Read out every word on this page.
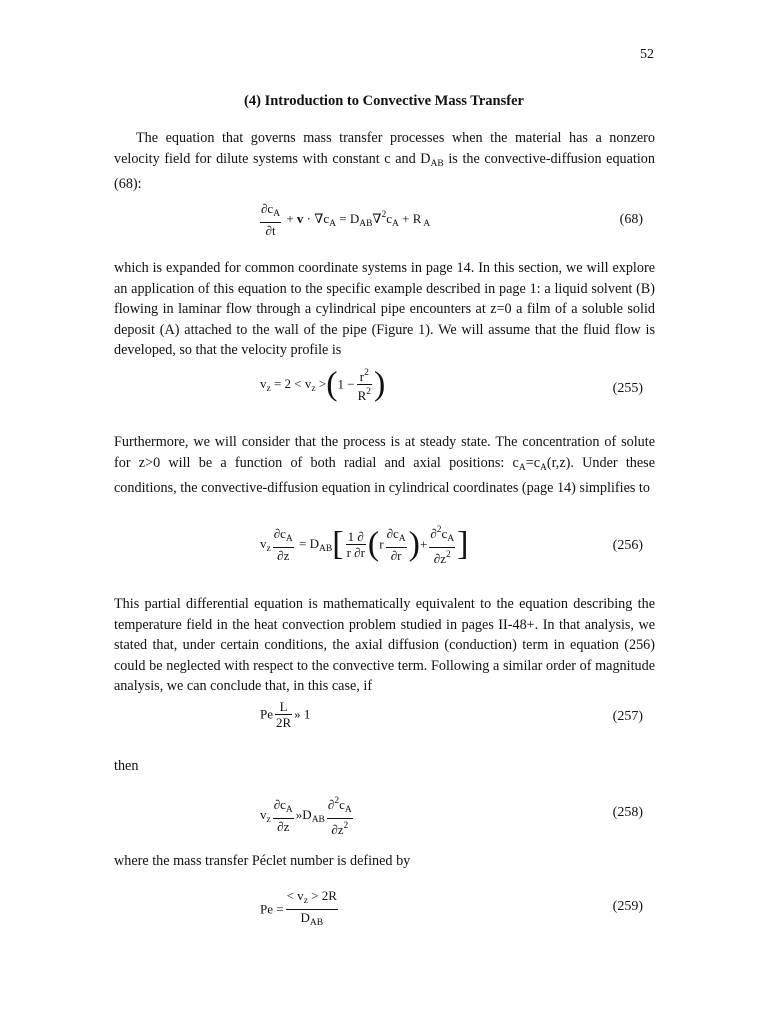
52
(4) Introduction to Convective Mass Transfer

The equation that governs mass transfer processes when the material has a nonzero velocity field for dilute systems with constant c and $D_{AB}$ is the convective-diffusion equation (68):

$\frac{\partial c_A}{\partial t} + v \cdot \nabla c_A = D_{AB}\nabla^2c_A + R$ $_A$	(68)

which is expanded for common coordinate systems in page 14. In this section, we will explore an application of this equation to the specific example described in page 1: a liquid solvent (B) flowing in laminar flow through a cylindrical pipe encounters at z=0 a film of a soluble solid deposit (A) attached to the wall of the pipe (Figure 1). We will assume that the fluid flow is developed, so that the velocity profile is

$v_z = 2 < v_z >(1 - \frac{r^2}{R^2}$ )	(255)

Furthermore, we will consider that the process is at steady state. The concentration of solute for z>0 will be a function of both radial and axial positions: $c_A=c_A(r,z)$. Under these conditions, the convective-diffusion equation in cylindrical coordinates (page 14) simplifies to

$v_z \frac{\partial c_A}{\partial z} = D_{AB}[ \frac{1 \partial}{r \partial r} (r \frac{\partial c_A}{\partial r}$ )+ $\frac{\partial^2c_A}{\partial z^2}$ ]	(256)

This partial differential equation is mathematically equivalent to the equation describing the temperature field in the heat convection problem studied in pages II-48+. In that analysis, we stated that, under certain conditions, the axial diffusion (conduction) term in equation (256) could be neglected with respect to the convective term. Following a similar order of magnitude analysis, we can conclude that, in this case, if

Pe $\frac{L}{2R}$ » 1	(257)

then

$v_z \frac{\partial c_A}{\partial z}$ $»D_{AB} \frac{\partial^2c_A}{\partial z^2}$	(258)

where the mass transfer Péclet number is defined by

$Pe = \frac{< v_z > 2R}{D_{AB}}$	(259)
